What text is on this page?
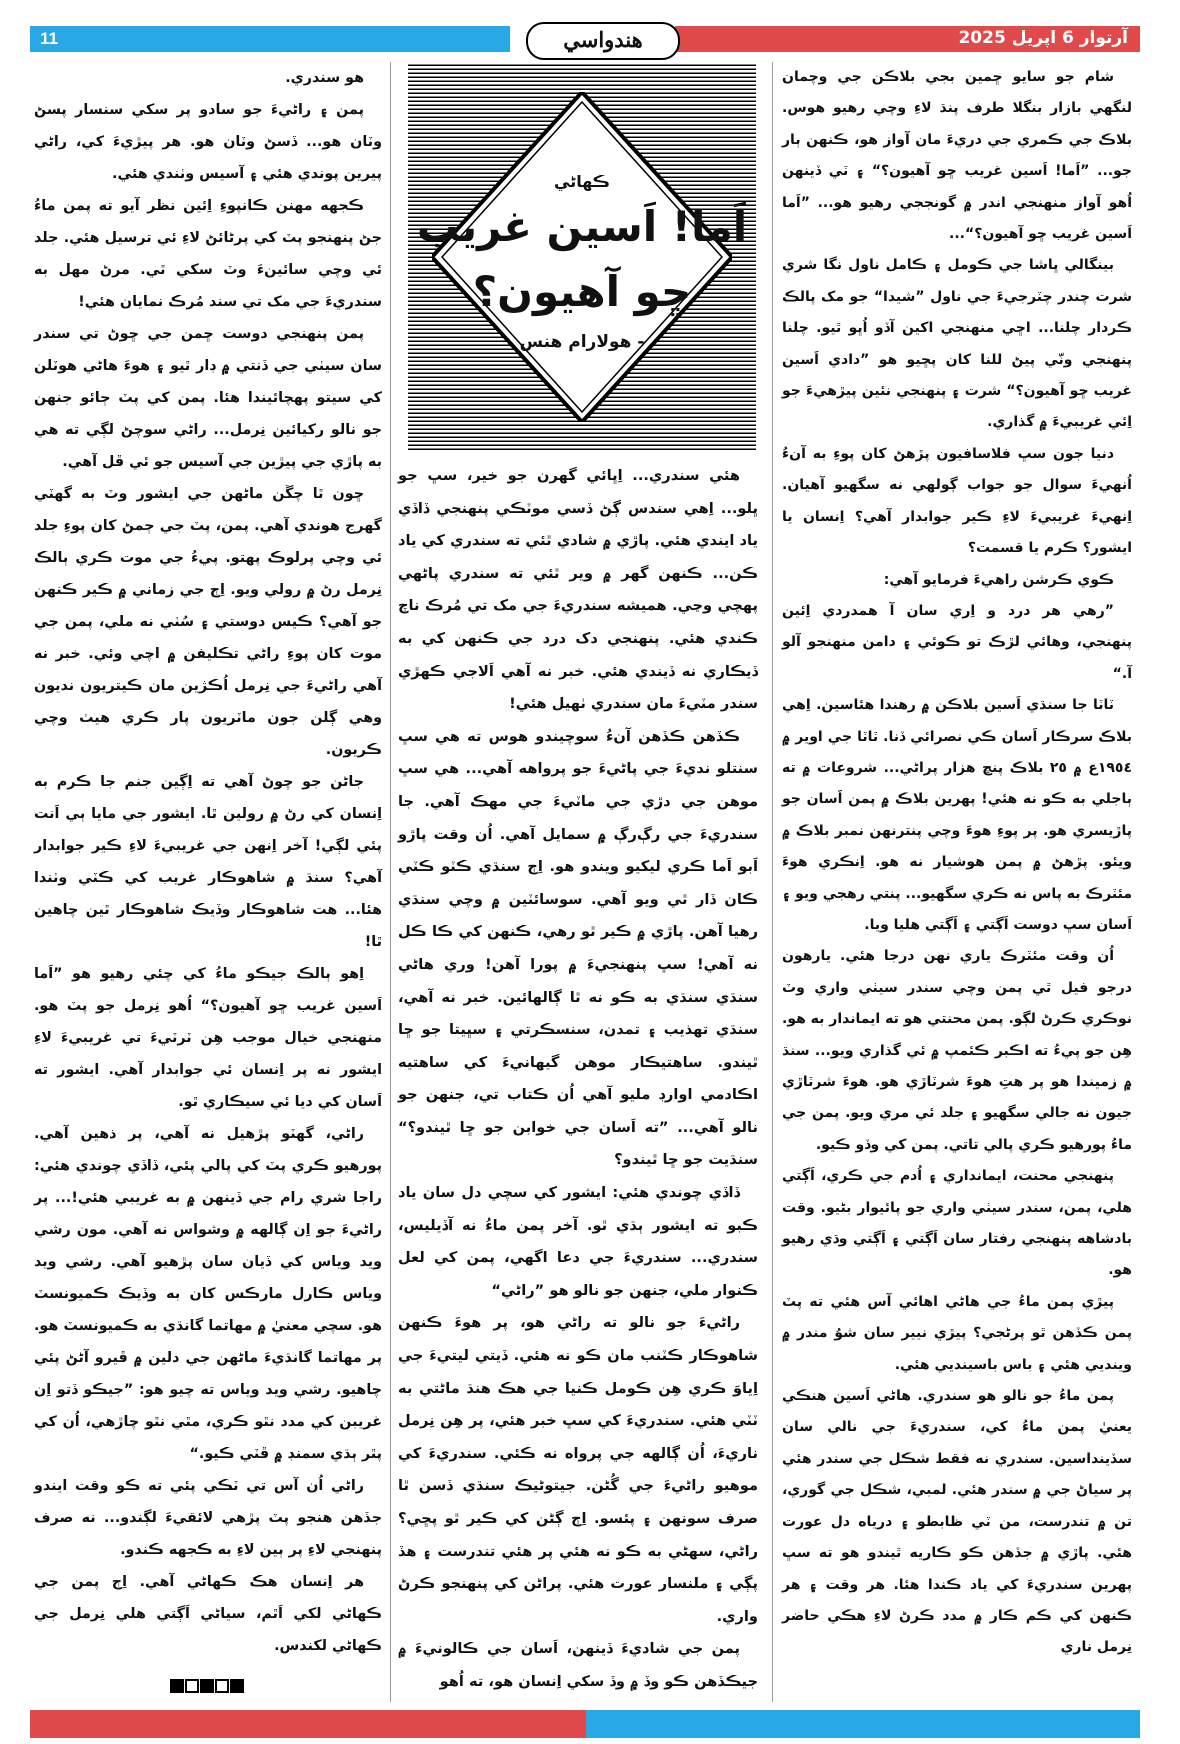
11	آرتوار 6 اپريل 2025
هندواسي
ڪهاڻي
اَما! اَسين غريب
ڇو آهيون؟
- هولارام هنس

شام جو سايو ڇمين بجي بلاڪن جي وچمان لنگهي بازار بنگلا طرف پنڌ لاءِ وچي رهيو هوس. بلاڪ جي ڪمري جي دريءَ مان آواز هو، ڪنهن ٻار جو... ”اَما! اَسين غريب ڇو آهيون؟“ ۽ ٽي ڏينهن اُهو آواز منهنجي اندر ۾ گونججي رهيو هو... ”اَما اَسين غريب ڇو آهيون؟“...

بينگالي ڀاشا جي ڪومل ۽ ڪامل ناول نگا شري شرت چندر چٽرجيءَ جي ناول ”شيدا“ جو مک پالڪ ڪردار چلنا... اڇي منهنجي اکين آڏو اُڀو ٿيو. چلنا پنهنجي ونّي پيڻ للنا کان پڇيو هو ”دادي اَسين غريب ڇو آهيون؟“ شرت ۽ پنهنجي نئين پيڙهيءَ جو اِئي غريبيءَ ۾ گذاري.

دنيا جون سڀ فلاسافيون پڙهڻ کان پوءِ به آنءُ اُنهيءَ سوال جو جواب ڳولهي نه سگهيو آهيان. اِنهيءَ غريبيءَ لاءِ ڪير جوابدار آهي؟ اِنسان يا ايشور؟ ڪرم يا قسمت؟

ڪوي ڪرشن راهيءَ فرمايو آهي:

”رهي هر درد و اِري سان آ همدردي اِئين پنهنجي، وهائي لڙڪ تو ڪوئي ۽ دامن منهنجو آلو آ.“

ٽاٽا جا سنڌي اَسين بلاڪن ۾ رهندا هئاسين. اِهي بلاڪ سرڪار اَسان ڪي نصرائي ڏنا. ٽاٽا جي اوير ۾ ١٩٥٤ع ۾ ٢٥ بلاڪ پنڇ هزار پراڻي... شروعات ۾ ته ٻاجلي به ڪو نه هئي! پهرين بلاڪ ۾ پمن اَسان جو پاڙيسري هو. پر پوءِ هوءَ وچي پنترنهن نمبر بلاڪ ۾ ويئو. پڙهڻ ۾ پمن هوشيار نه هو. اِنڪري هوءَ مئٽرڪ به پاس نه ڪري سگهيو... پنتي رهجي ويو ۽ اَسان سڀ دوست اَڳتي ۽ اَڳتي هليا ويا.

اُن وقت مئٽرڪ ياري نهن درجا هئي. يارهون درجو فيل ٿي پمن وچي سندر سيٺي واري وٽ نوڪري ڪرڻ لڳو. پمن محنتي هو ته ايماندار به هو. هِن جو پيءُ ته اڪبر ڪئمپ ۾ ئي گذاري ويو... سنڌ ۾ زميندا هو پر هتِ هوءَ شرٽاڙي هو. هوءَ شرٽاڙي جيون نه جالي سگهيو ۽ جلد ئي مري ويو. پمن جي ماءُ پورهيو ڪري پالي تاتي. پمن کي وڏو ڪيو.

پنهنجي محنت، ايمانداري ۽ اُدم جي ڪري، اَڳتي هلي، پمن، سندر سيٺي واري جو پائيوار بڻيو. وقت بادشاهه پنهنجي رفتار سان اَڳتي ۽ اَڳتي وڌي رهيو هو.

پيڙي پمن ماءُ جي هاڻي اهائي آس هئي ته پٽ پمن ڪڏهن ٿو پرڻجي؟ پيڙي نيير سان شوُ مندر ۾ وينديي هئي ۽ باس باسينديي هئي.

پمن ماءُ جو نالو هو سندري. هاڻي اَسين هنڪي يعنيٰ پمن ماءُ کي، سندريءَ جي نالي سان سڏينداسين. سندري نه فقط شڪل جي سندر هئي پر سياڻ جي ۾ سندر هئي. لمبي، شڪل جي گوري، تن ۾ تندرست، من ٽي ظابطو ۽ درياه دل عورت هئي. پاڙي ۾ جڏهن ڪو ڪاريه ٿيندو هو ته سڀ پهرين سندريءَ کي ياد ڪندا هئا. هر وقت ۽ هر ڪنهن کي ڪم ڪار ۾ مدد ڪرڻ لاءِ هڪي حاضر نِرمل ناري

هئي سندري... اِڀائي گهرن جو خير، سڀ جو ڀلو... اِهي سندس ڳڻ ڏسي موٽڪي پنهنجي ڏاڏي ياد ايندي هئي. پاڙي ۾ شادي ٿئي ته سندري کي ياد ڪن... ڪنهن گهر ۾ وير ٿئي ته سندري پاڻهي پهچي وڃي. هميشه سندريءَ جي مک تي مُرڪ ناچ ڪندي هئي. پنهنجي دک درد جي ڪنهن کي به ڏيڪاري نه ڏيندي هئي. خبر نه آهي اَلاجي ڪهڙي سندر مٽيءَ مان سندري ٺهيل هئي!

ڪڏهن ڪڏهن آنءُ سوچيندو هوس ته هي سڀ سنتلو ندي‌ءَ جي پاڻيءَ جو پرواهه آهي... هي سڀ موهن جي دڙي جي ماٽيءَ جي مهڪ آهي. جا سندريءَ جي رڳ‌رڳ ۾ سمايل آهي. اُن وقت پاڙو اَبو اَما ڪري ليکيو ويندو هو. اِڄ سنڌي ڪٽو ڪٽي ڪان ڏار ٿي ويو آهي. سوسائٽين ۾ وچي سنڌي رهيا آهن. پاڙي ۾ ڪير ٿو رهي، ڪنهن کي ڪا ڪل نه آهي! سڀ پنهنجيءَ ۾ پورا آهن! وري هاڻي سنڌي سنڌي به ڪو نه ٿا ڳالهائين. خبر نه آهي، سنڌي تهذيب ۽ تمدن، سنسڪرتي ۽ سڀيتا جو ڇا ٿيندو. ساهتيڪار موهن گيهانيءَ کي ساهتيه اڪادمي اوارڊ مليو آهي اُن ڪتاب تي، جنهن جو نالو آهي... ”ته اَسان جي خوابن جو ڇا ٿيندو؟“ سنڌيت جو ڇا ٿيندو؟

ڏاڏي چوندي هئي: ايشور کي سچي دل سان ياد ڪبو ته ايشور ٻڌي ٿو. آخر پمن ماءُ نه آڏيليس، سندري... سندريءَ جي دعا اگهي، پمن کي لعل ڪنوار ملي، جنهن جو نالو هو ”راڻي“

راڻيءَ جو نالو ته راڻي هو، پر هوءَ ڪنهن شاهوڪار ڪٽنب مان ڪو نه هئي. ڏيتي ليتيءَ جي اِياوَ ڪري هِن ڪومل ڪنيا جي هڪ هنڌ ماڻتي به ٽٽي هئي. سندريءَ کي سڀ خبر هئي، پر هِن نِرمل ناريءَ، اُن ڳالهه جي پرواه نه ڪئي. سندريءَ کي موهيو راڻيءَ جي گُڻن. جيتوڻيڪ سنڌي ڏسن ٿا صرف سونهن ۽ پئسو. اِڄ ڳڻن کي ڪير ٿو پڇي؟ راڻي، سهڻي به ڪو نه هئي پر هئي تندرست ۽ هڏ پڳي ۽ ملنسار عورت هئي. پراڻن کي پنهنجو ڪرڻ واري.

پمن جي شاديءَ ڏينهن، اَسان جي ڪالونيءَ ۾ جيڪڏهن ڪو وڏ ۾ وڏ سکي اِنسان هو، ته اُهو

هو سندري.

پمن ۽ راڻيءَ جو سادو پر سکي سنسار پسڻ وٽان هو... ڏسڻ وٽان هو. هر پيڙيءَ کي، راڻي پيرين پوندي هئي ۽ آسيس وٺندي هئي.

ڪجهه مهنن ڪانپوءِ اِئين نظر آيو ته پمن ماءُ جڻ پنهنجو پٽ کي پرڻائڻ لاءِ ئي ترسيل هئي. جلد ئي وچي سائينءَ وٽ سکي ٿي. مرڻ مهل به سندريءَ جي مک تي سند مُرڪ نمايان هئي!

پمن پنهنجي دوست ڇمن جي ڇوڻ تي سندر سان سيٺي جي ڏنتي ۾ ڊار ٿيو ۽ هوءَ هاڻي هوٽلن کي سيتو پهچائيندا هئا. پمن کي پٽ ڄائو جنهن جو نالو رکيائين نِرمل... راڻي سوچڻ لڳي ته هي به پاڙي جي پيڙين جي آسيس جو ئي ڦل آهي.

ڇون ٿا چڱن ماڻهن جي ايشور وٽ به گهٽي گهرج هوندي آهي. پمن، پٽ جي ڄمڻ کان پوءِ جلد ئي وچي پرلوڪ پهتو. پيءُ جي موت ڪري ٻالڪ نِرمل رڻ ۾ رولي ويو. اِڄ جي زماني ۾ ڪير ڪنهن جو آهي؟ ڪيس دوستي ۽ سُٺي نه ملي، پمن جي موت کان پوءِ راڻي تڪليفن ۾ اچي وئي. خبر نه آهي راڻيءَ جي نِرمل اُڪژين مان ڪيتريون نديون وهي ڳلن جون ماٽريون پار ڪري هيٺ وچي ڪريون.

جاڻن جو چوڻ آهي ته اِڳين جنم جا ڪرم به اِنسان کي رڻ ۾ رولين ٿا. ايشور جي مايا ٻي اَنت پئي لڳي! آخر اِنهن جي غريبيءَ لاءِ ڪير جوابدار آهي؟ سنڌ ۾ شاهوڪار غريب کي ڪٽي وٺندا هئا... هت شاهوڪار وڏيڪ شاهوڪار ٿين چاهين ٿا!

اِهو ٻالڪ جيڪو ماءُ کي چئي رهيو هو ”اَما اَسين غريب ڇو آهيون؟“ اُهو نِرمل جو پٽ هو. منهنجي خيال موجب هِن ٽرٽيءَ تي غريبيءَ لاءِ ايشور نه پر اِنسان ئي جوابدار آهي. ايشور ته اَسان کي ديا ئي سيڪاري ٿو.

راڻي، گهٽو پڙهيل نه آهي، پر ذهين آهي. پورهيو ڪري پٽ کي پالي پئي، ڏاڏي چوندي هئي: راجا شري رام جي ڏينهن ۾ به غريبي هئي!... پر راڻيءَ جو اِن ڳالهه ۾ وشواس نه آهي. مون رشي ويد وياس کي ڏيان سان پڙهيو آهي. رشي ويد وياس ڪارل مارڪس کان به وڏيڪ ڪميونسٽ هو. سچي معنيٰ ۾ مهاتما گانڌي به ڪميونسٽ هو. پر مهاتما گانڌيءَ ماڻهن جي دلين ۾ ڦيرو آڻڻ پئي چاهيو. رشي ويد وياس ته چيو هو: ”جيڪو ڏتو اِن غريبن کي مدد نٿو ڪري، مٿي نٿو چاڙهي، اُن کي پٿر ٻڌي سمنڊ ۾ ڦٽي ڪيو.“

راڻي اُن آس تي ٽڪي پئي ته ڪو وقت ايندو جڏهن هنجو پٽ پڙهي لائقيءَ لڳندو... نه صرف پنهنجي لاءِ پر ٻين لاءِ به ڪجهه ڪندو.

هر اِنسان هڪ ڪهاڻي آهي. اِڄ پمن جي ڪهاڻي لکي اَٿم، سياڻي اَڳتي هلي نِرمل جي ڪهاڻي لکندس.
